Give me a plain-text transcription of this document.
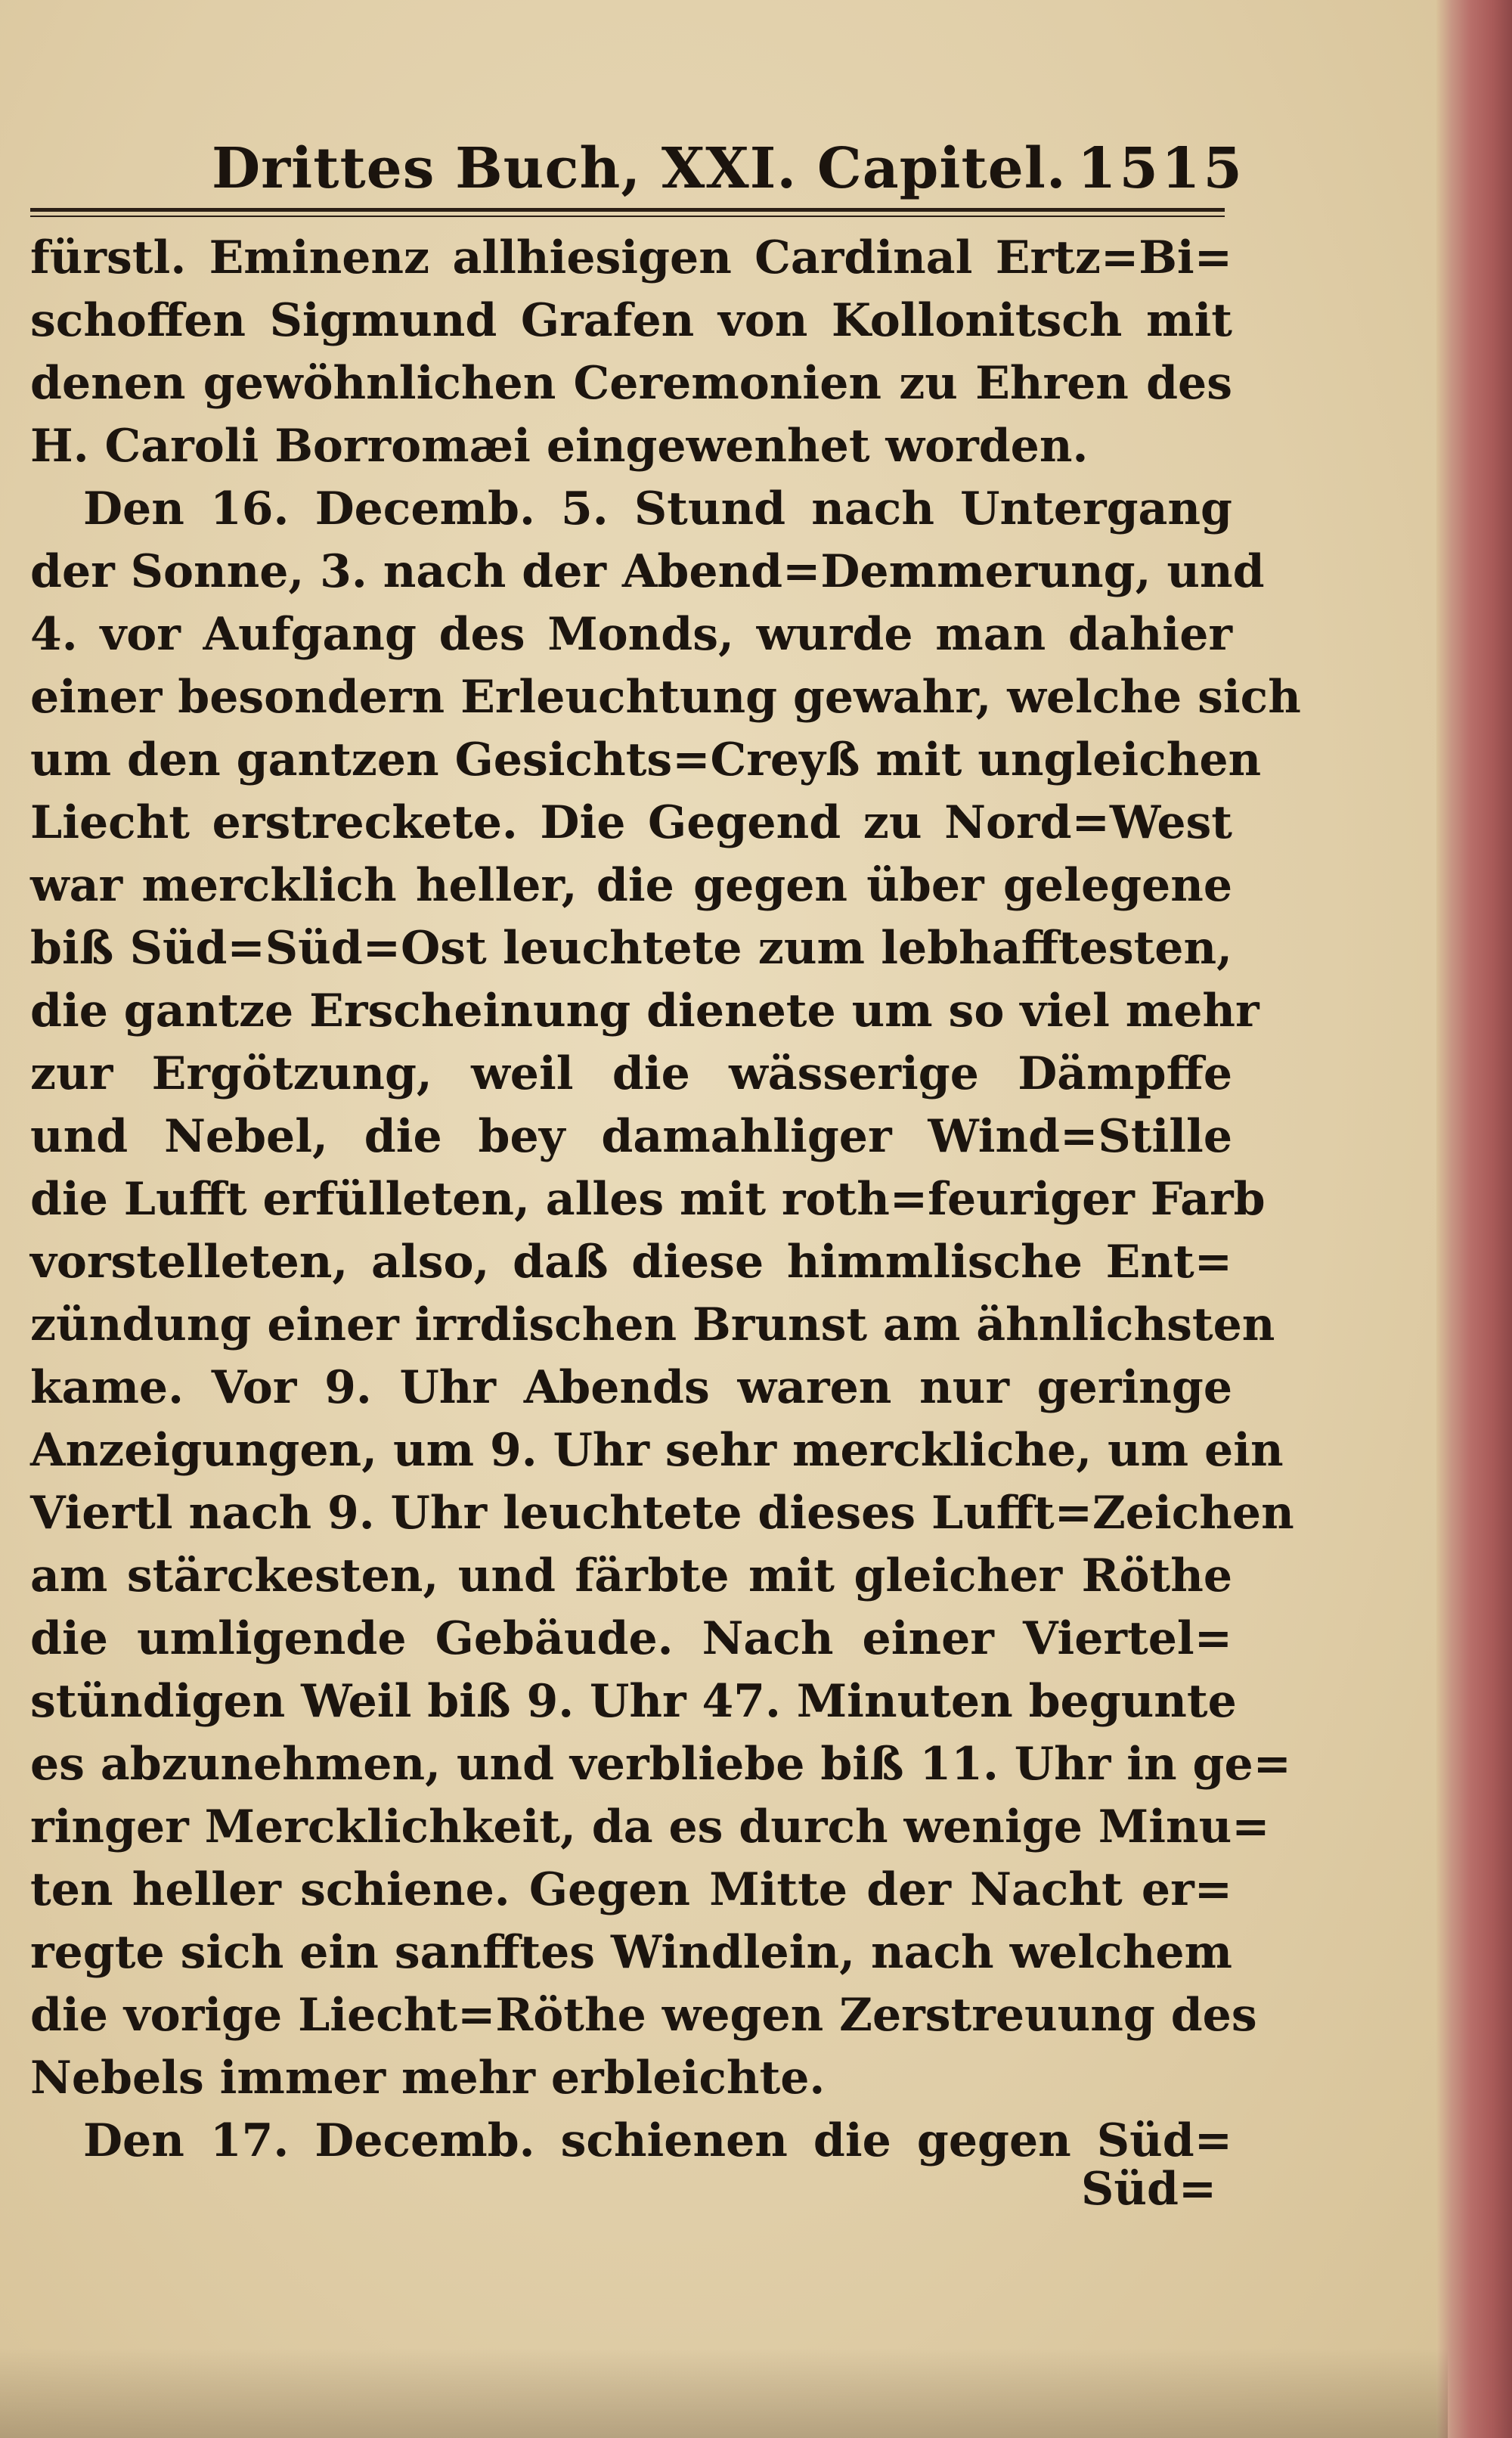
Drittes Buch, XXI. Capitel. 1515
fürstl. Eminenz allhiesigen Cardinal Ertz=Bi=
schoffen Sigmund Grafen von Kollonitsch mit
denen gewöhnlichen Ceremonien zu Ehren des
H. Caroli Borromæi eingewenhet worden.
Den 16. Decemb. 5. Stund nach Untergang
der Sonne, 3. nach der Abend=Demmerung, und
4. vor Aufgang des Monds, wurde man dahier
einer besondern Erleuchtung gewahr, welche sich
um den gantzen Gesichts=Creyß mit ungleichen
Liecht erstreckete. Die Gegend zu Nord=West
war mercklich heller, die gegen über gelegene
biß Süd=Süd=Ost leuchtete zum lebhafftesten,
die gantze Erscheinung dienete um so viel mehr
zur Ergötzung, weil die wässerige Dämpffe
und Nebel, die bey damahliger Wind=Stille
die Lufft erfülleten, alles mit roth=feuriger Farb
vorstelleten, also, daß diese himmlische Ent=
zündung einer irrdischen Brunst am ähnlichsten
kame. Vor 9. Uhr Abends waren nur geringe
Anzeigungen, um 9. Uhr sehr merckliche, um ein
Viertl nach 9. Uhr leuchtete dieses Lufft=Zeichen
am stärckesten, und färbte mit gleicher Röthe
die umligende Gebäude. Nach einer Viertel=
stündigen Weil biß 9. Uhr 47. Minuten begunte
es abzunehmen, und verbliebe biß 11. Uhr in ge=
ringer Mercklichkeit, da es durch wenige Minu=
ten heller schiene. Gegen Mitte der Nacht er=
regte sich ein sanfftes Windlein, nach welchem
die vorige Liecht=Röthe wegen Zerstreuung des
Nebels immer mehr erbleichte.
Den 17. Decemb. schienen die gegen Süd=
Süd=
